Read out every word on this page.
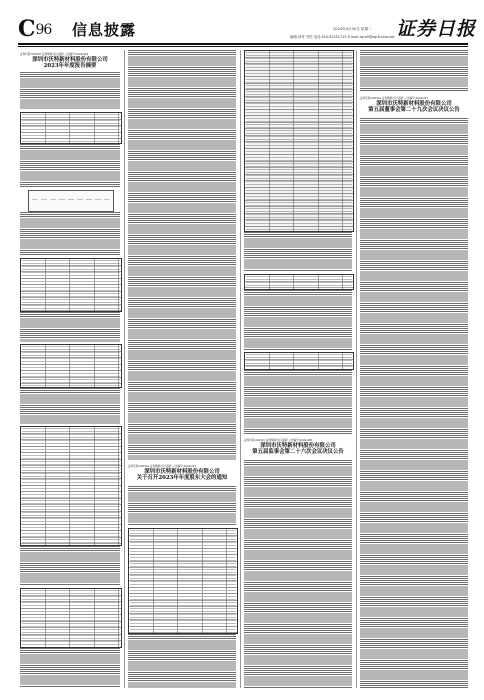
C96 信息披露	2024年4月30日 星期二
编辑:刘哲 韦恺 电话:010-83251715 E-mail:zqrb9@zqrb.sina.net 证券日报
证券代码:002591 证券简称:恒大高新 公告编号:2024-034
深圳市沃特新材料股份有限公司
2023年年度报告摘要
证券代码:002591 证券简称:恒大高新 公告编号:2024-035
深圳市沃特新材料股份有限公司
关于召开2023年年度股东大会的通知
证券代码:002591 证券简称:恒大高新 公告编号:2024-036
深圳市沃特新材料股份有限公司
第五届监事会第二十六次会议决议公告
证券代码:002591 证券简称:恒大高新 公告编号:2024-037
深圳市沃特新材料股份有限公司
第五届董事会第二十九次会议决议公告
